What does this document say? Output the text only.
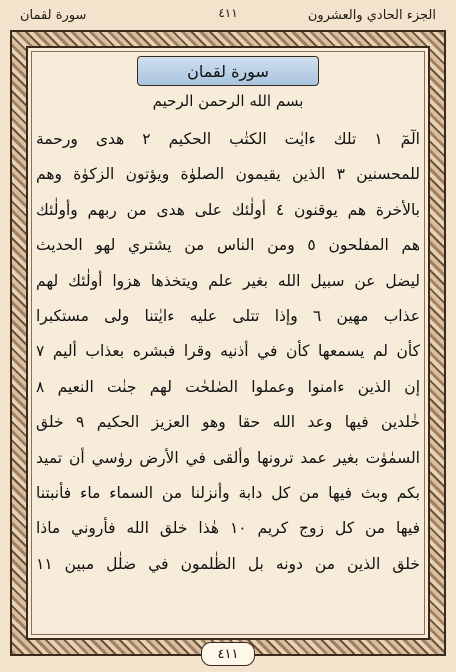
الجزء الحادي والعشرون
٤١١
سورة لقمان
سورة لقمان
بسم الله الرحمن الرحيم
الٓمٓ ١ تلك ءايٰت الكتٰب الحكيم ٢ هدى ورحمة
للمحسنين ٣ الذين يقيمون الصلوٰة ويؤتون الزكوٰة وهم
بالأخرة هم يوقنون ٤ أولٰئك على هدى من ربهم وأولٰئك
هم المفلحون ٥ ومن الناس من يشتري لهو الحديث
ليضل عن سبيل الله بغير علم ويتخذها هزوا أولٰئك لهم
عذاب مهين ٦ وإذا تتلى عليه ءايٰتنا ولى مستكبرا
كأن لم يسمعها كأن في أذنيه وقرا فبشره بعذاب أليم ٧
إن الذين ءامنوا وعملوا الصٰلحٰت لهم جنٰت النعيم ٨
خٰلدين فيها وعد الله حقا وهو العزيز الحكيم ٩ خلق
السمٰوٰت بغير عمد ترونها وألقى في الأرض روٰسي أن تميد
بكم وبث فيها من كل دابة وأنزلنا من السماء ماء فأنبتنا
فيها من كل زوج كريم ١٠ هٰذا خلق الله فأروني ماذا
خلق الذين من دونه بل الظٰلمون في ضلٰل مبين ١١
٤١١
